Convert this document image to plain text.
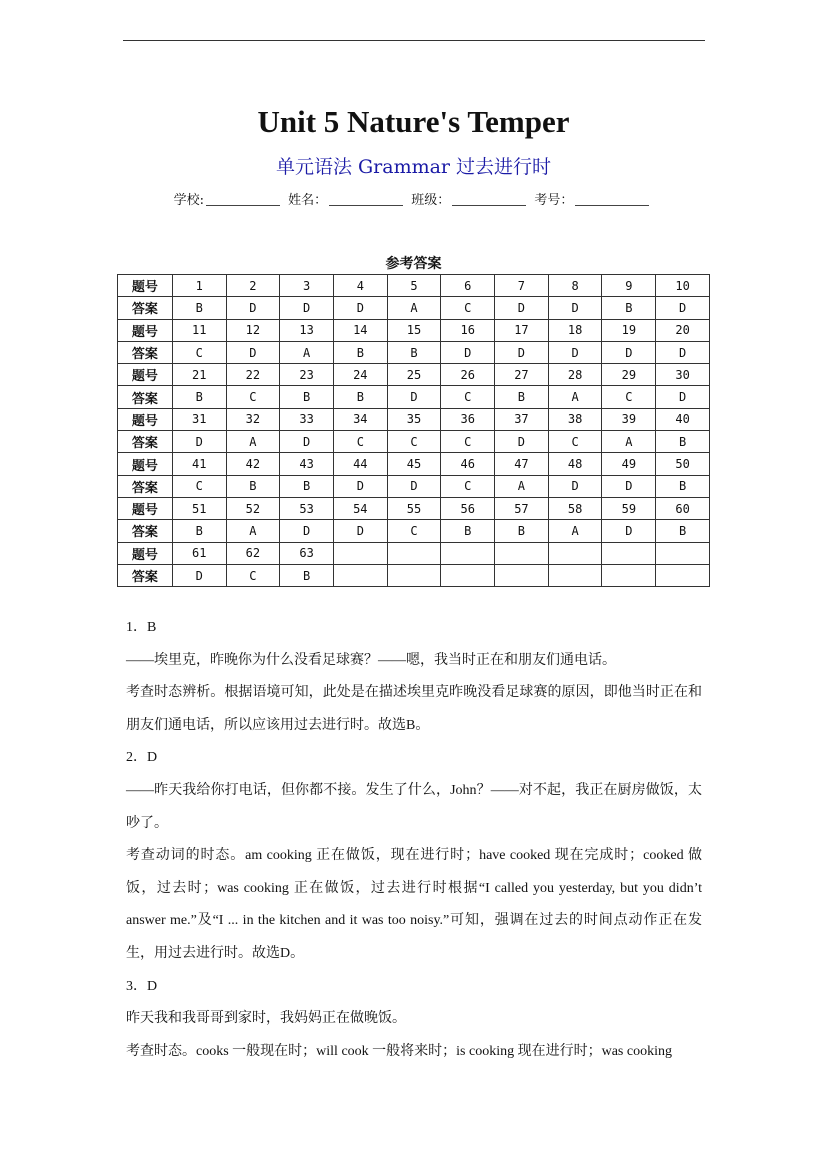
Unit 5 Nature's Temper
单元语法 Grammar 过去进行时
学校:	姓名：	班级：	考号：
参考答案
题号	1	2	3	4	5	6	7	8	9	10
答案	B	D	D	D	A	C	D	D	B	D
题号	11	12	13	14	15	16	17	18	19	20
答案	C	D	A	B	B	D	D	D	D	D
题号	21	22	23	24	25	26	27	28	29	30
答案	B	C	B	B	D	C	B	A	C	D
题号	31	32	33	34	35	36	37	38	39	40
答案	D	A	D	C	C	C	D	C	A	B
题号	41	42	43	44	45	46	47	48	49	50
答案	C	B	B	D	D	C	A	D	D	B
题号	51	52	53	54	55	56	57	58	59	60
答案	B	A	D	D	C	B	B	A	D	B
题号	61	62	63							
答案	D	C	B							

1．B

——埃里克，昨晚你为什么没看足球赛？——嗯，我当时正在和朋友们通电话。

考查时态辨析。根据语境可知，此处是在描述埃里克昨晚没看足球赛的原因，即他当时正在和朋友们通电话，所以应该用过去进行时。故选B。

2．D

——昨天我给你打电话，但你都不接。发生了什么，John？——对不起，我正在厨房做饭，太吵了。

考查动词的时态。am cooking 正在做饭，现在进行时；have cooked 现在完成时；cooked 做饭，过去时；was cooking 正在做饭，过去进行时根据“I called you yesterday, but you didn’t answer me.”及“I ... in the kitchen and it was too noisy.”可知，强调在过去的时间点动作正在发生，用过去进行时。故选D。

3．D

昨天我和我哥哥到家时，我妈妈正在做晚饭。

考查时态。cooks 一般现在时；will cook 一般将来时；is cooking 现在进行时；was cooking
